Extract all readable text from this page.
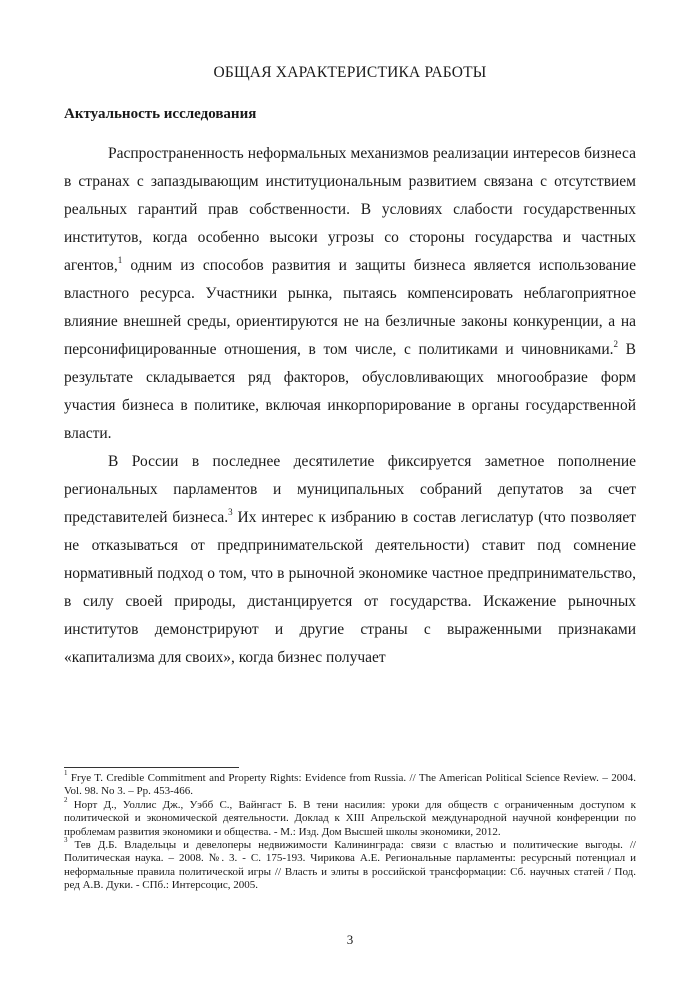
ОБЩАЯ ХАРАКТЕРИСТИКА РАБОТЫ
Актуальность исследования

Распространенность неформальных механизмов реализации интересов бизнеса в странах с запаздывающим институциональным развитием связана с отсутствием реальных гарантий прав собственности. В условиях слабости государственных институтов, когда особенно высоки угрозы со стороны государства и частных агентов,$^1$ одним из способов развития и защиты бизнеса является использование властного ресурса. Участники рынка, пытаясь компенсировать неблагоприятное влияние внешней среды, ориентируются не на безличные законы конкуренции, а на персонифицированные отношения, в том числе, с политиками и чиновниками.$^2$ В результате складывается ряд факторов, обусловливающих многообразие форм участия бизнеса в политике, включая инкорпорирование в органы государственной власти.

В России в последнее десятилетие фиксируется заметное пополнение региональных парламентов и муниципальных собраний депутатов за счет представителей бизнеса.$^3$ Их интерес к избранию в состав легислатур (что позволяет не отказываться от предпринимательской деятельности) ставит под сомнение нормативный подход о том, что в рыночной экономике частное предпринимательство, в силу своей природы, дистанцируется от государства. Искажение рыночных институтов демонстрируют и другие страны с выраженными признаками «капитализма для своих», когда бизнес получает

$^1$ Frye T. Credible Commitment and Property Rights: Evidence from Russia. // The American Political Science Review. – 2004. Vol. 98. No 3. – Pp. 453-466.

$^2$ Норт Д., Уоллис Дж., Уэбб С., Вайнгаст Б. В тени насилия: уроки для обществ с ограниченным доступом к политической и экономической деятельности. Доклад к XIII Апрельской международной научной конференции по проблемам развития экономики и общества. - М.: Изд. Дом Высшей школы экономики, 2012.

$^3$ Тев Д.Б. Владельцы и девелоперы недвижимости Калининграда: связи с властью и политические выгоды. // Политическая наука. – 2008. №. 3. - С. 175-193. Чирикова А.Е. Региональные парламенты: ресурсный потенциал и неформальные правила политической игры // Власть и элиты в российской трансформации: Сб. научных статей / Под. ред А.В. Дуки. - СПб.: Интерсоцис, 2005.

3
